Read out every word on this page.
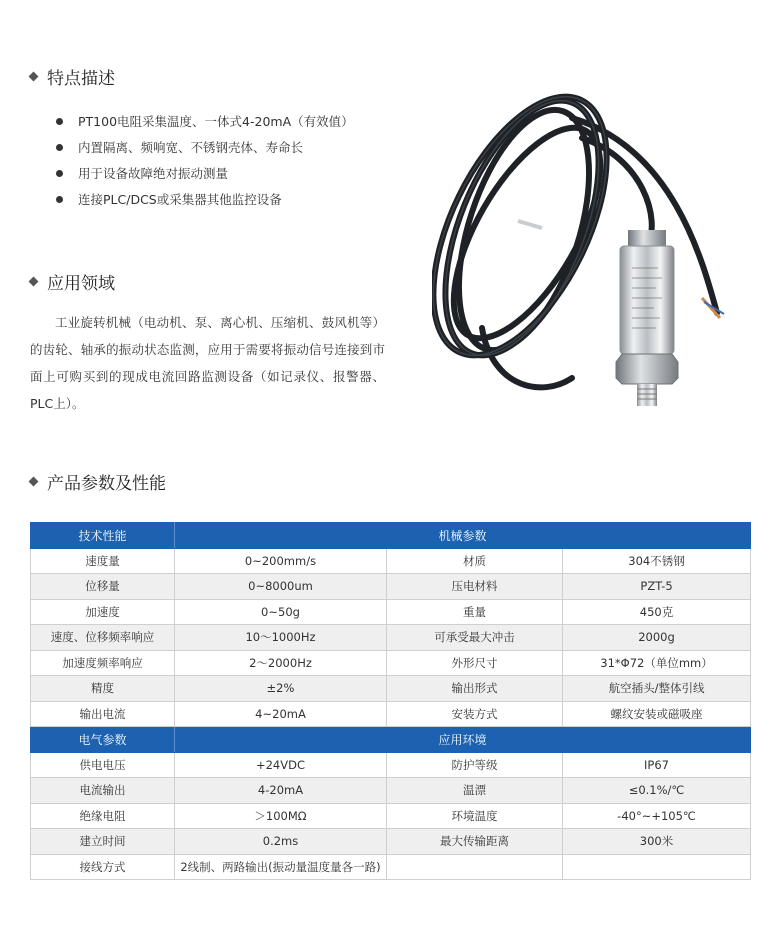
特点描述
PT100电阻采集温度、一体式4-20mA（有效值）
内置隔离、频响宽、不锈钢壳体、寿命长
用于设备故障绝对振动测量
连接PLC/DCS或采集器其他监控设备
应用领域

工业旋转机械（电动机、泵、离心机、压缩机、鼓风机等）的齿轮、轴承的振动状态监测，应用于需要将振动信号连接到市面上可购买到的现成电流回路监测设备（如记录仪、报警器、PLC上）。

产品参数及性能
技术性能	机械参数		
速度量	0~200mm/s	材质	304不锈钢
位移量	0~8000um	压电材料	PZT-5
加速度	0~50g	重量	450克
速度、位移频率响应	10～1000Hz	可承受最大冲击	2000g
加速度频率响应	2～2000Hz	外形尺寸	31*Φ72（单位mm）
精度	±2%	输出形式	航空插头/整体引线
输出电流	4~20mA	安装方式	螺纹安装或磁吸座
电气参数	应用环境		
供电电压	+24VDC	防护等级	IP67
电流输出	4-20mA	温漂	≤0.1%/℃
绝缘电阻	＞100MΩ	环境温度	-40°~+105℃
建立时间	0.2ms	最大传输距离	300米
接线方式	2线制、两路输出(振动量温度量各一路)		
